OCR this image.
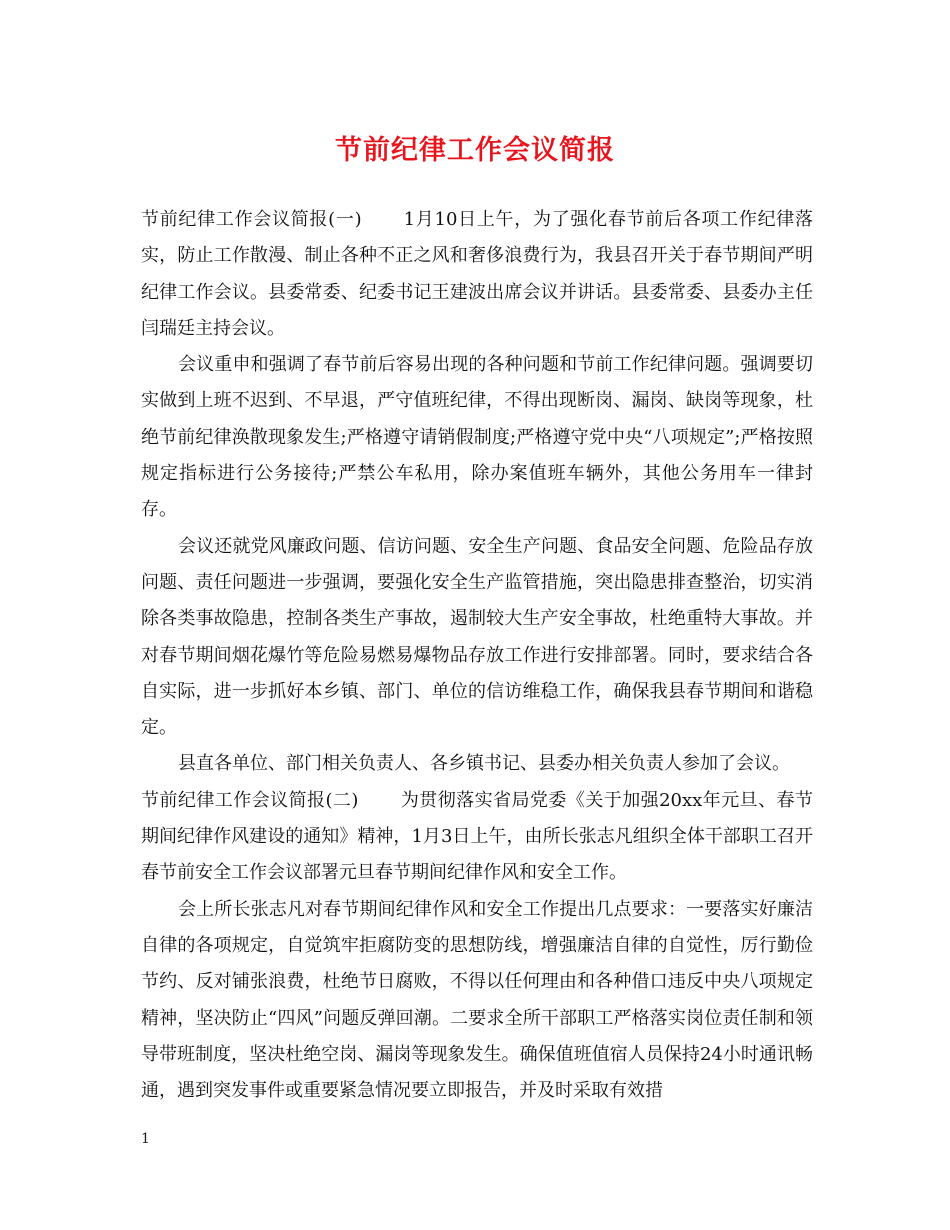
节前纪律工作会议简报

节前纪律工作会议简报(一) 1月10日上午，为了强化春节前后各项工作纪律落实，防止工作散漫、制止各种不正之风和奢侈浪费行为，我县召开关于春节期间严明纪律工作会议。县委常委、纪委书记王建波出席会议并讲话。县委常委、县委办主任闫瑞廷主持会议。

会议重申和强调了春节前后容易出现的各种问题和节前工作纪律问题。强调要切实做到上班不迟到、不早退，严守值班纪律，不得出现断岗、漏岗、缺岗等现象，杜绝节前纪律涣散现象发生;严格遵守请销假制度;严格遵守党中央“八项规定”;严格按照规定指标进行公务接待;严禁公车私用，除办案值班车辆外，其他公务用车一律封存。

会议还就党风廉政问题、信访问题、安全生产问题、食品安全问题、危险品存放问题、责任问题进一步强调，要强化安全生产监管措施，突出隐患排查整治，切实消除各类事故隐患，控制各类生产事故，遏制较大生产安全事故，杜绝重特大事故。并对春节期间烟花爆竹等危险易燃易爆物品存放工作进行安排部署。同时，要求结合各自实际，进一步抓好本乡镇、部门、单位的信访维稳工作，确保我县春节期间和谐稳定。

县直各单位、部门相关负责人、各乡镇书记、县委办相关负责人参加了会议。

节前纪律工作会议简报(二) 为贯彻落实省局党委《关于加强20xx年元旦、春节期间纪律作风建设的通知》精神，1月3日上午，由所长张志凡组织全体干部职工召开春节前安全工作会议部署元旦春节期间纪律作风和安全工作。

会上所长张志凡对春节期间纪律作风和安全工作提出几点要求：一要落实好廉洁自律的各项规定，自觉筑牢拒腐防变的思想防线，增强廉洁自律的自觉性，厉行勤俭节约、反对铺张浪费，杜绝节日腐败，不得以任何理由和各种借口违反中央八项规定精神，坚决防止“四风”问题反弹回潮。二要求全所干部职工严格落实岗位责任制和领导带班制度，坚决杜绝空岗、漏岗等现象发生。确保值班值宿人员保持24小时通讯畅通，遇到突发事件或重要紧急情况要立即报告，并及时采取有效措

1
